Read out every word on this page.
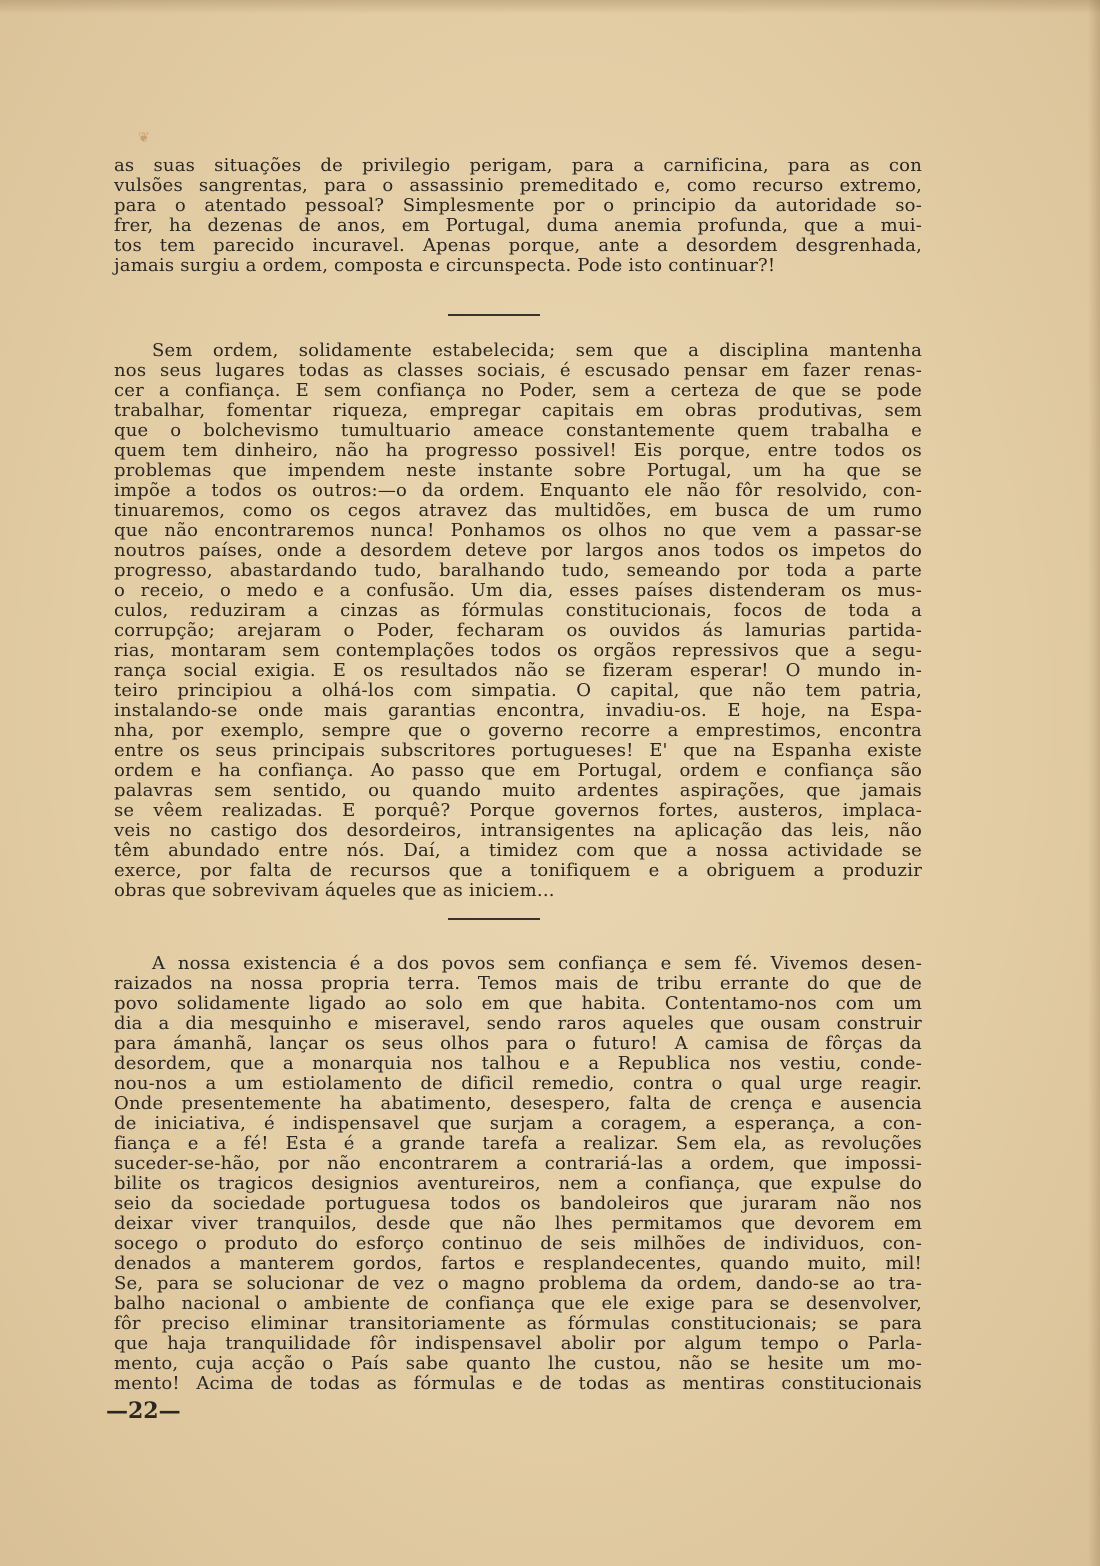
❦
as suas situações de privilegio perigam, para a carnificina, para as con
vulsões sangrentas, para o assassinio premeditado e, como recurso extremo,
para o atentado pessoal? Simplesmente por o principio da autoridade so-
frer, ha dezenas de anos, em Portugal, duma anemia profunda, que a mui-
tos tem parecido incuravel. Apenas porque, ante a desordem desgrenhada,
jamais surgiu a ordem, composta e circunspecta. Pode isto continuar?!
Sem ordem, solidamente estabelecida; sem que a disciplina mantenha
nos seus lugares todas as classes sociais, é escusado pensar em fazer renas-
cer a confiança. E sem confiança no Poder, sem a certeza de que se pode
trabalhar, fomentar riqueza, empregar capitais em obras produtivas, sem
que o bolchevismo tumultuario ameace constantemente quem trabalha e
quem tem dinheiro, não ha progresso possivel! Eis porque, entre todos os
problemas que impendem neste instante sobre Portugal, um ha que se
impõe a todos os outros:—o da ordem. Enquanto ele não fôr resolvido, con-
tinuaremos, como os cegos atravez das multidões, em busca de um rumo
que não encontraremos nunca! Ponhamos os olhos no que vem a passar-se
noutros países, onde a desordem deteve por largos anos todos os impetos do
progresso, abastardando tudo, baralhando tudo, semeando por toda a parte
o receio, o medo e a confusão. Um dia, esses países distenderam os mus-
culos, reduziram a cinzas as fórmulas constitucionais, focos de toda a
corrupção; arejaram o Poder, fecharam os ouvidos ás lamurias partida-
rias, montaram sem contemplações todos os orgãos repressivos que a segu-
rança social exigia. E os resultados não se fizeram esperar! O mundo in-
teiro principiou a olhá-los com simpatia. O capital, que não tem patria,
instalando-se onde mais garantias encontra, invadiu-os. E hoje, na Espa-
nha, por exemplo, sempre que o governo recorre a emprestimos, encontra
entre os seus principais subscritores portugueses! E' que na Espanha existe
ordem e ha confiança. Ao passo que em Portugal, ordem e confiança são
palavras sem sentido, ou quando muito ardentes aspirações, que jamais
se vêem realizadas. E porquê? Porque governos fortes, austeros, implaca-
veis no castigo dos desordeiros, intransigentes na aplicação das leis, não
têm abundado entre nós. Daí, a timidez com que a nossa actividade se
exerce, por falta de recursos que a tonifiquem e a obriguem a produzir
obras que sobrevivam áqueles que as iniciem...
A nossa existencia é a dos povos sem confiança e sem fé. Vivemos desen-
raizados na nossa propria terra. Temos mais de tribu errante do que de
povo solidamente ligado ao solo em que habita. Contentamo-nos com um
dia a dia mesquinho e miseravel, sendo raros aqueles que ousam construir
para ámanhã, lançar os seus olhos para o futuro! A camisa de fôrças da
desordem, que a monarquia nos talhou e a Republica nos vestiu, conde-
nou-nos a um estiolamento de dificil remedio, contra o qual urge reagir.
Onde presentemente ha abatimento, desespero, falta de crença e ausencia
de iniciativa, é indispensavel que surjam a coragem, a esperança, a con-
fiança e a fé! Esta é a grande tarefa a realizar. Sem ela, as revoluções
suceder-se-hão, por não encontrarem a contrariá-las a ordem, que impossi-
bilite os tragicos designios aventureiros, nem a confiança, que expulse do
seio da sociedade portuguesa todos os bandoleiros que juraram não nos
deixar viver tranquilos, desde que não lhes permitamos que devorem em
socego o produto do esforço continuo de seis milhões de individuos, con-
denados a manterem gordos, fartos e resplandecentes, quando muito, mil!
Se, para se solucionar de vez o magno problema da ordem, dando-se ao tra-
balho nacional o ambiente de confiança que ele exige para se desenvolver,
fôr preciso eliminar transitoriamente as fórmulas constitucionais; se para
que haja tranquilidade fôr indispensavel abolir por algum tempo o Parla-
mento, cuja acção o País sabe quanto lhe custou, não se hesite um mo-
mento! Acima de todas as fórmulas e de todas as mentiras constitucionais
—22—
